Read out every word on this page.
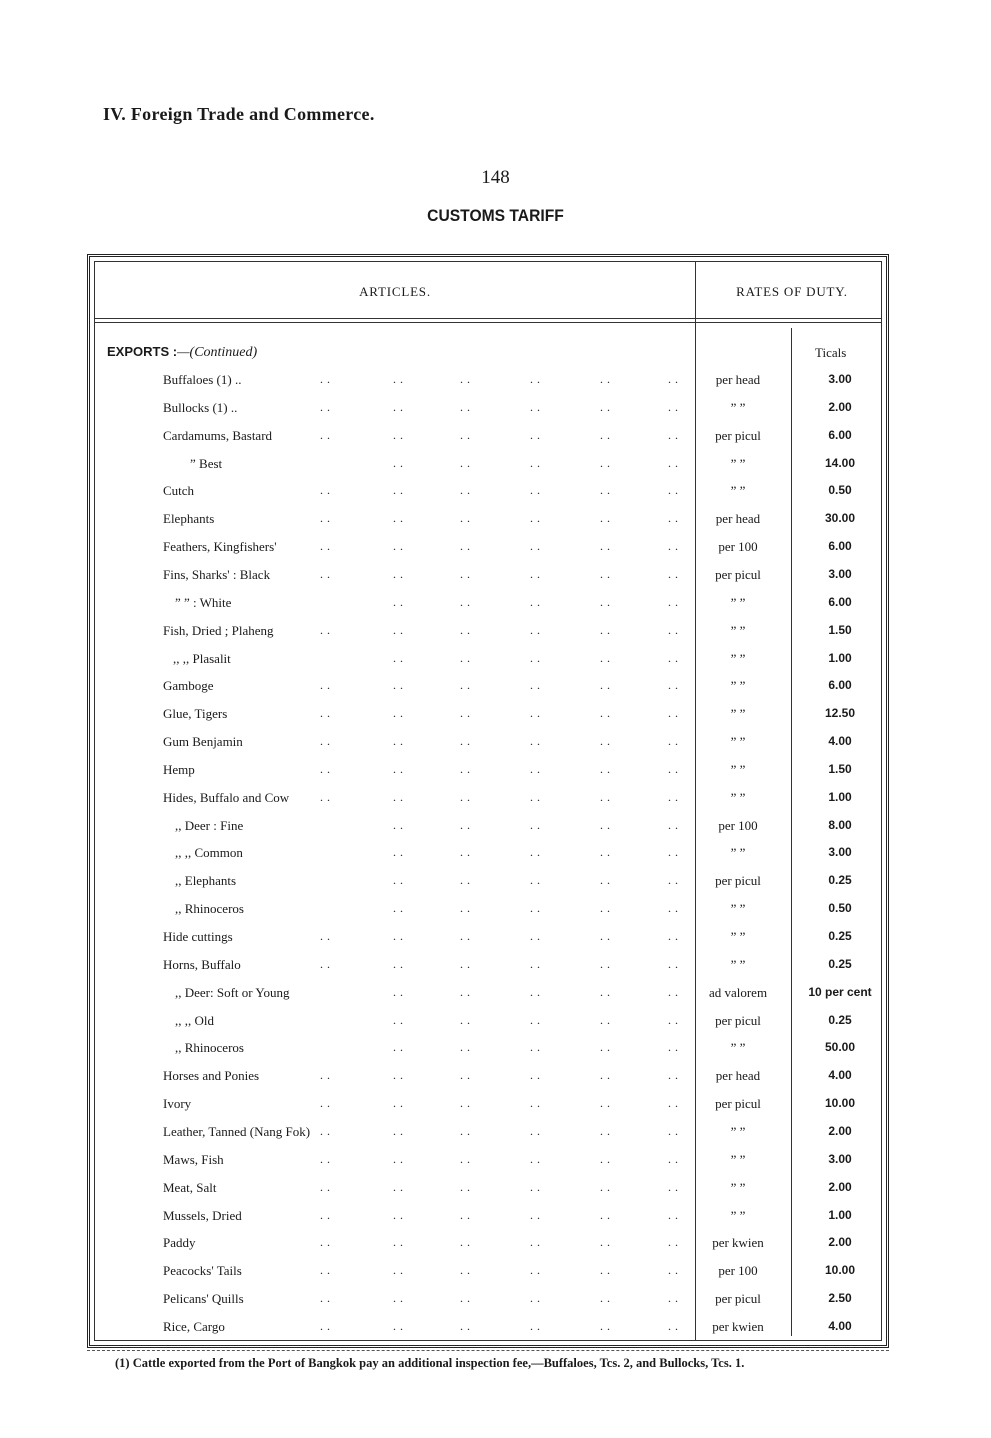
IV. Foreign Trade and Commerce.
148
CUSTOMS TARIFF
ARTICLES.	RATES OF DUTY.
EXPORTS :—(Continued)	Ticals
Buffaloes (1) ..	. .	. .	. .	. .	. .	. .	per head	3.00
Bullocks (1) ..	. .	. .	. .	. .	. .	. .	” ”	2.00
Cardamums, Bastard	. .	. .	. .	. .	. .	. .	per picul	6.00
” Best	. .	. .	. .	. .	. .	” ”	14.00
Cutch	. .	. .	. .	. .	. .	. .	” ”	0.50
Elephants	. .	. .	. .	. .	. .	. .	per head	30.00
Feathers, Kingfishers'	. .	. .	. .	. .	. .	. .	per 100	6.00
Fins, Sharks' : Black	. .	. .	. .	. .	. .	. .	per picul	3.00
” ” : White	. .	. .	. .	. .	. .	” ”	6.00
Fish, Dried ; Plaheng	. .	. .	. .	. .	. .	. .	” ”	1.50
,, ,, Plasalit	. .	. .	. .	. .	. .	” ”	1.00
Gamboge	. .	. .	. .	. .	. .	. .	” ”	6.00
Glue, Tigers	. .	. .	. .	. .	. .	. .	” ”	12.50
Gum Benjamin	. .	. .	. .	. .	. .	. .	” ”	4.00
Hemp	. .	. .	. .	. .	. .	. .	” ”	1.50
Hides, Buffalo and Cow	. .	. .	. .	. .	. .	. .	” ”	1.00
,, Deer : Fine	. .	. .	. .	. .	. .	per 100	8.00
,, ,, Common	. .	. .	. .	. .	. .	” ”	3.00
,, Elephants	. .	. .	. .	. .	. .	per picul	0.25
,, Rhinoceros	. .	. .	. .	. .	. .	” ”	0.50
Hide cuttings	. .	. .	. .	. .	. .	. .	” ”	0.25
Horns, Buffalo	. .	. .	. .	. .	. .	. .	” ”	0.25
,, Deer: Soft or Young	. .	. .	. .	. .	. .	ad valorem	10 per cent
,, ,, Old	. .	. .	. .	. .	. .	per picul	0.25
,, Rhinoceros	. .	. .	. .	. .	. .	” ”	50.00
Horses and Ponies	. .	. .	. .	. .	. .	. .	per head	4.00
Ivory	. .	. .	. .	. .	. .	. .	per picul	10.00
Leather, Tanned (Nang Fok) . .	. .	. .	. .	. .	. .	” ”	2.00
Maws, Fish	. .	. .	. .	. .	. .	. .	” ”	3.00
Meat, Salt	. .	. .	. .	. .	. .	. .	” ”	2.00
Mussels, Dried	. .	. .	. .	. .	. .	. .	” ”	1.00
Paddy	. .	. .	. .	. .	. .	. .	per kwien	2.00
Peacocks' Tails	. .	. .	. .	. .	. .	. .	per 100	10.00
Pelicans' Quills	. .	. .	. .	. .	. .	. .	per picul	2.50
Rice, Cargo	. .	. .	. .	. .	. .	. .	per kwien	4.00
(1) Cattle exported from the Port of Bangkok pay an additional inspection fee,—Buffaloes, Tcs. 2, and Bullocks, Tcs. 1.
